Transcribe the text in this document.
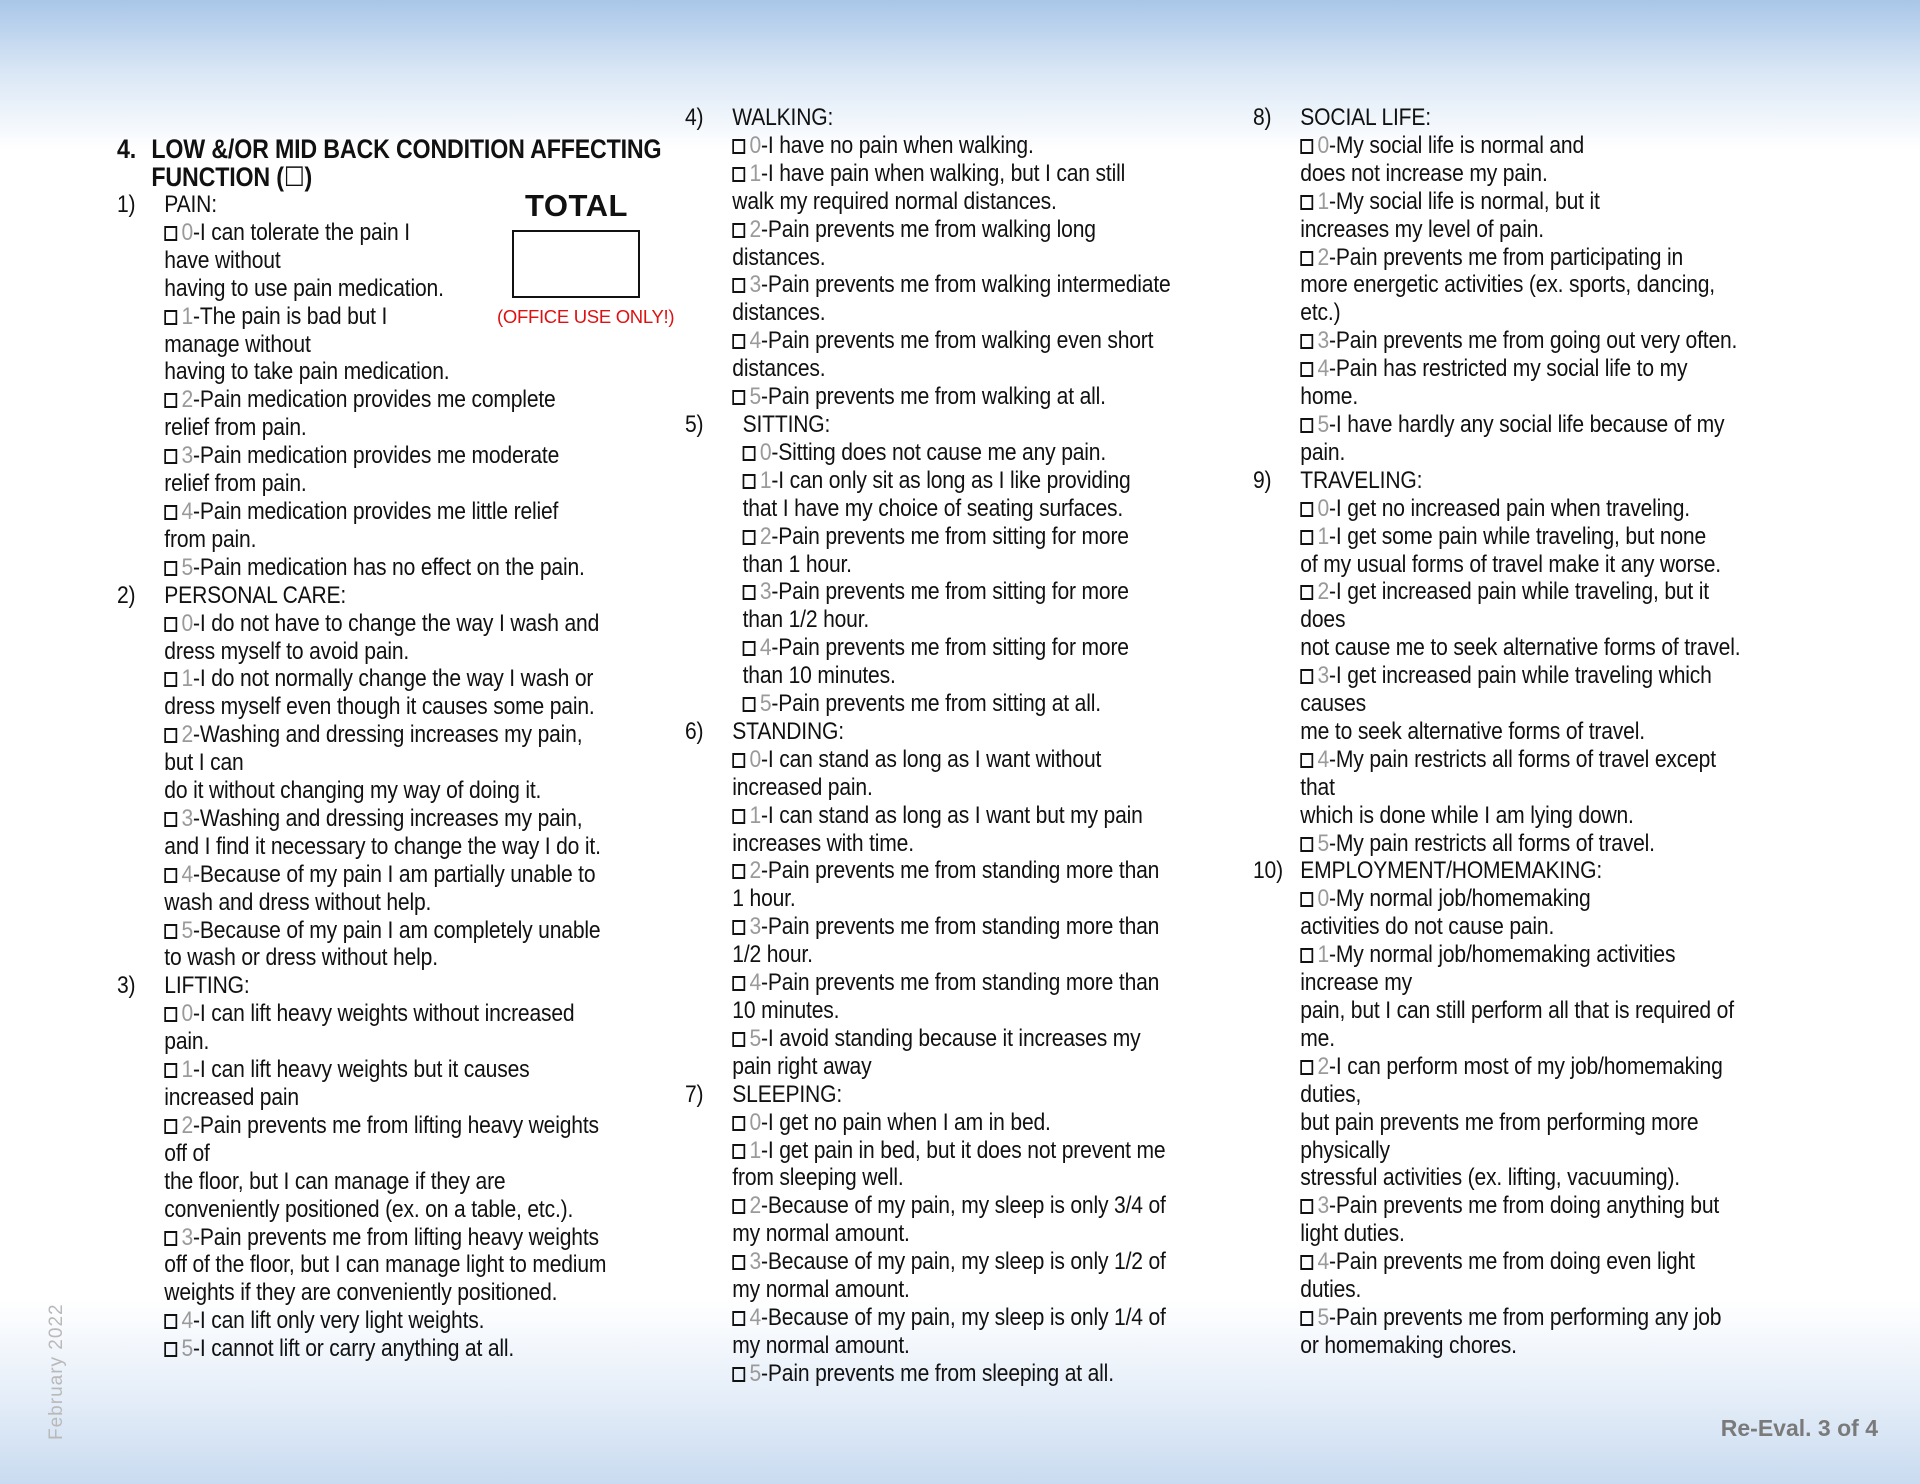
4. LOW &/OR MID BACK CONDITION AFFECTING FUNCTION (☐)
1) PAIN:
0-I can tolerate the pain I
have without
having to use pain medication.
1-The pain is bad but I
manage without
having to take pain medication.
2-Pain medication provides me complete
relief from pain.
3-Pain medication provides me moderate
relief from pain.
4-Pain medication provides me little relief
from pain.
5-Pain medication has no effect on the pain.
2) PERSONAL CARE:
0-I do not have to change the way I wash and
dress myself to avoid pain.
1-I do not normally change the way I wash or
dress myself even though it causes some pain.
2-Washing and dressing increases my pain,
but I can
do it without changing my way of doing it.
3-Washing and dressing increases my pain,
and I find it necessary to change the way I do it.
4-Because of my pain I am partially unable to
wash and dress without help.
5-Because of my pain I am completely unable
to wash or dress without help.
3) LIFTING:
0-I can lift heavy weights without increased
pain.
1-I can lift heavy weights but it causes
increased pain
2-Pain prevents me from lifting heavy weights
off of
the floor, but I can manage if they are
conveniently positioned (ex. on a table, etc.).
3-Pain prevents me from lifting heavy weights
off of the floor, but I can manage light to medium
weights if they are conveniently positioned.
4-I can lift only very light weights.
5-I cannot lift or carry anything at all.
4) WALKING:
0-I have no pain when walking.
1-I have pain when walking, but I can still
walk my required normal distances.
2-Pain prevents me from walking long
distances.
3-Pain prevents me from walking intermediate
distances.
4-Pain prevents me from walking even short
distances.
5-Pain prevents me from walking at all.
5) SITTING:
0-Sitting does not cause me any pain.
1-I can only sit as long as I like providing
that I have my choice of seating surfaces.
2-Pain prevents me from sitting for more
than 1 hour.
3-Pain prevents me from sitting for more
than 1/2 hour.
4-Pain prevents me from sitting for more
than 10 minutes.
5-Pain prevents me from sitting at all.
6) STANDING:
0-I can stand as long as I want without
increased pain.
1-I can stand as long as I want but my pain
increases with time.
2-Pain prevents me from standing more than
1 hour.
3-Pain prevents me from standing more than
1/2 hour.
4-Pain prevents me from standing more than
10 minutes.
5-I avoid standing because it increases my
pain right away
7) SLEEPING:
0-I get no pain when I am in bed.
1-I get pain in bed, but it does not prevent me
from sleeping well.
2-Because of my pain, my sleep is only 3/4 of
my normal amount.
3-Because of my pain, my sleep is only 1/2 of
my normal amount.
4-Because of my pain, my sleep is only 1/4 of
my normal amount.
5-Pain prevents me from sleeping at all.
8) SOCIAL LIFE:
0-My social life is normal and
does not increase my pain.
1-My social life is normal, but it
increases my level of pain.
2-Pain prevents me from participating in
more energetic activities (ex. sports, dancing,
etc.)
3-Pain prevents me from going out very often.
4-Pain has restricted my social life to my
home.
5-I have hardly any social life because of my
pain.
9) TRAVELING:
0-I get no increased pain when traveling.
1-I get some pain while traveling, but none
of my usual forms of travel make it any worse.
2-I get increased pain while traveling, but it
does
not cause me to seek alternative forms of travel.
3-I get increased pain while traveling which
causes
me to seek alternative forms of travel.
4-My pain restricts all forms of travel except
that
which is done while I am lying down.
5-My pain restricts all forms of travel.
10) EMPLOYMENT/HOMEMAKING:
0-My normal job/homemaking
activities do not cause pain.
1-My normal job/homemaking activities
increase my
pain, but I can still perform all that is required of
me.
2-I can perform most of my job/homemaking
duties,
but pain prevents me from performing more
physically
stressful activities (ex. lifting, vacuuming).
3-Pain prevents me from doing anything but
light duties.
4-Pain prevents me from doing even light
duties.
5-Pain prevents me from performing any job
or homemaking chores.
TOTAL
(OFFICE USE ONLY!)
February 2022	Re-Eval. 3 of 4
